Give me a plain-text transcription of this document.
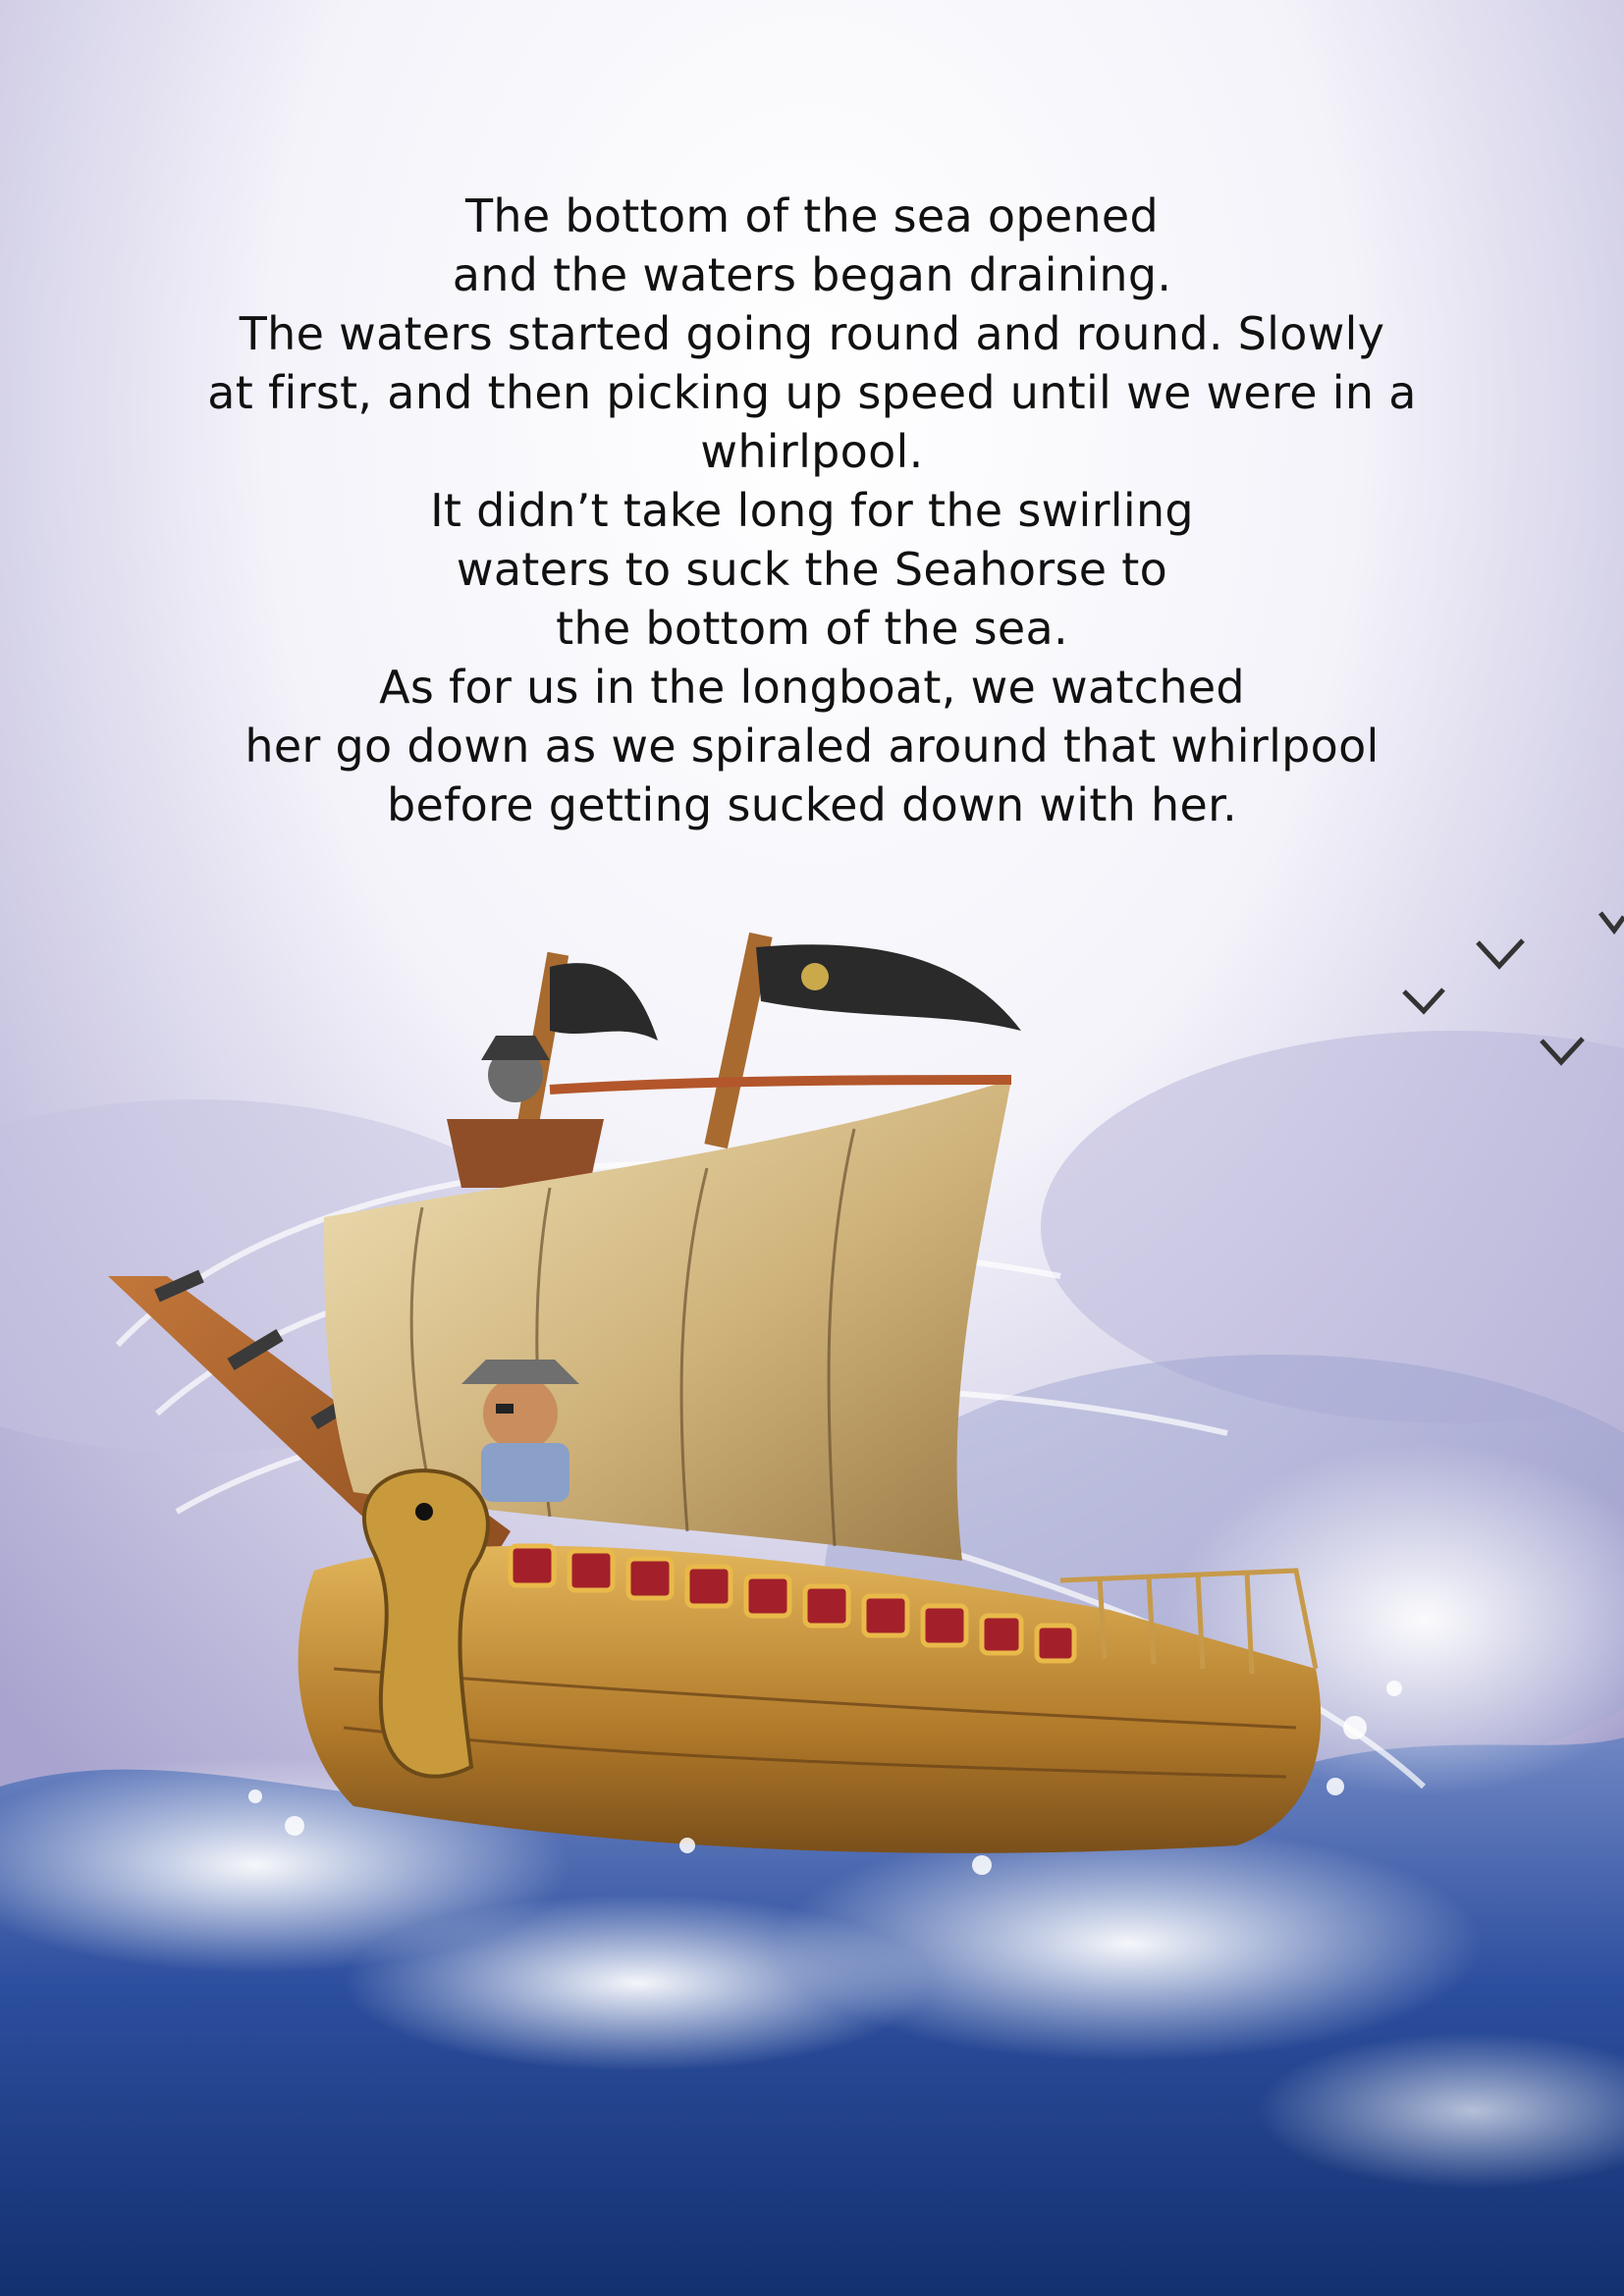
The bottom of the sea opened
and the waters began draining.
The waters started going round and round. Slowly
at first, and then picking up speed until we were in a
whirlpool.
It didn’t take long for the swirling
waters to suck the Seahorse to
the bottom of the sea.
As for us in the longboat, we watched
her go down as we spiraled around that whirlpool
before getting sucked down with her.
